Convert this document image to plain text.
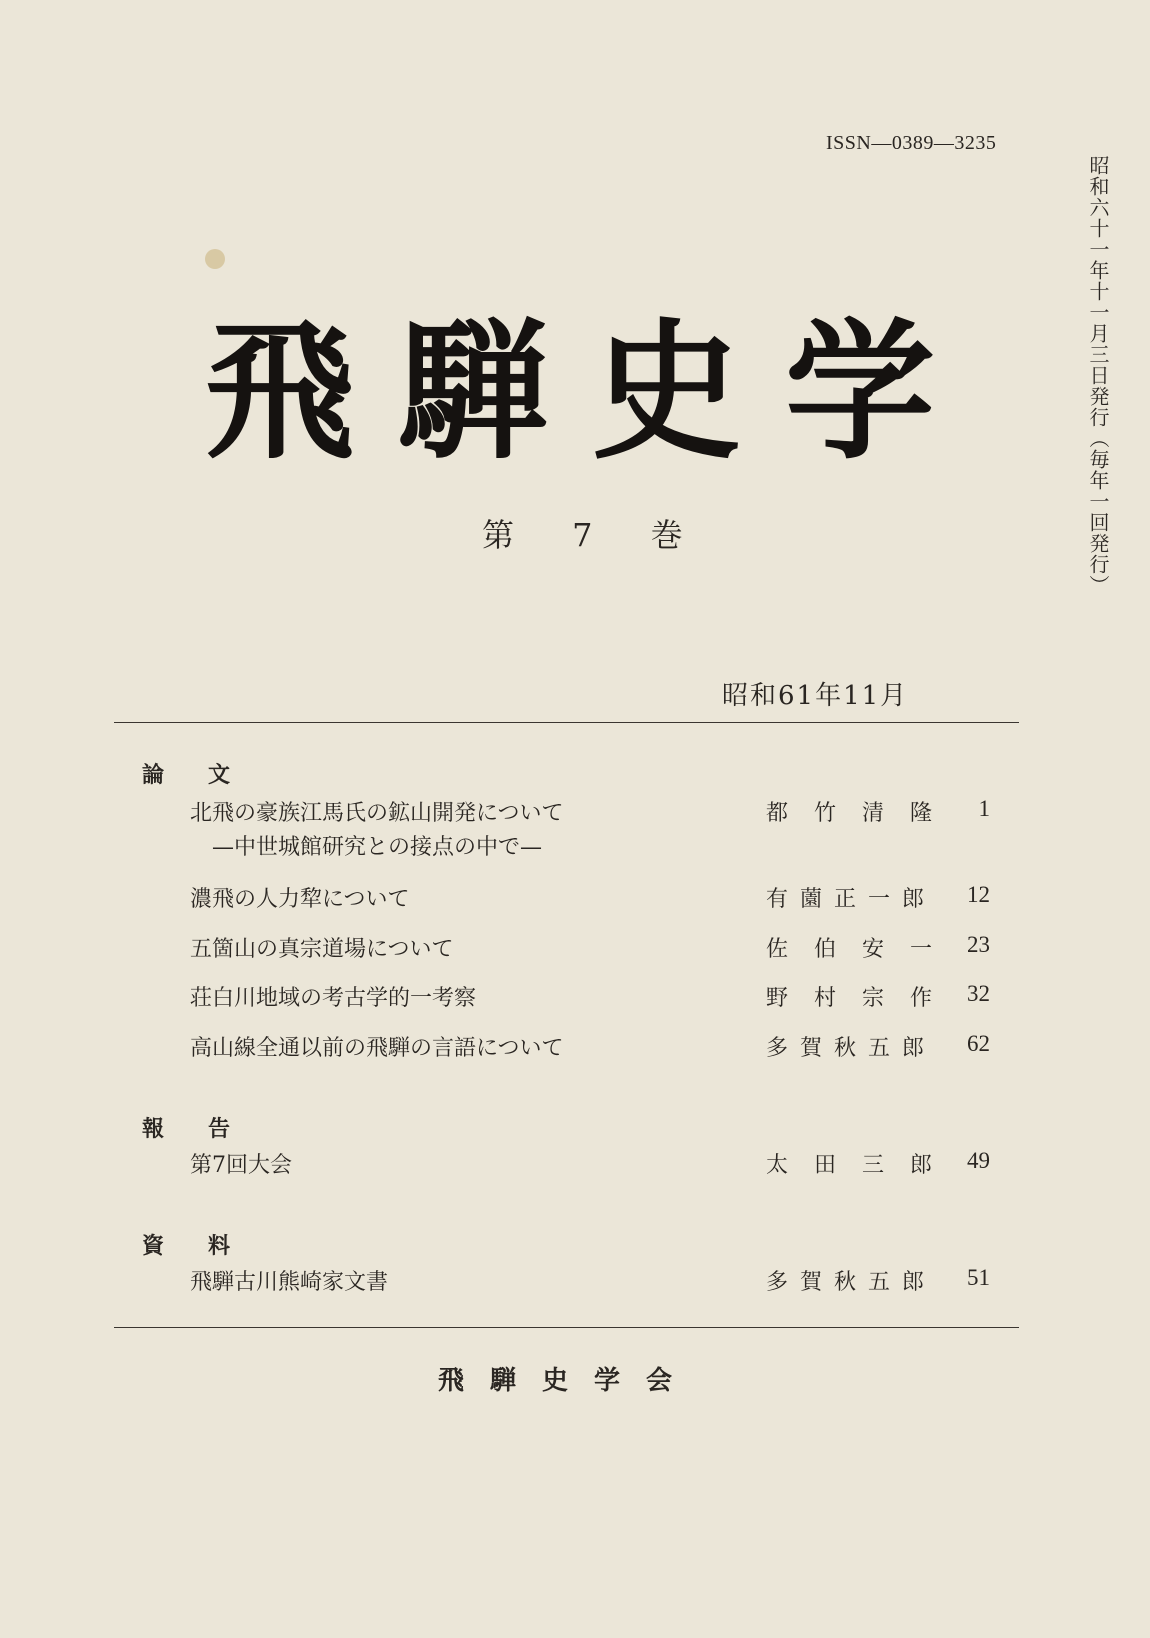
ISSN—0389—3235
昭和六十一年十一月三日発行（毎年一回発行）
飛 騨 史 学
第 7 巻
昭和61年11月
論文
北飛の豪族江馬氏の鉱山開発について	都竹清隆 1
—中世城館研究との接点の中で—
濃飛の人力犂について	有薗正一郎 12
五箇山の真宗道場について	佐伯安一 23
荘白川地域の考古学的一考察	野村宗作 32
高山線全通以前の飛騨の言語について	多賀秋五郎 62
報告
第7回大会	太田三郎 49
資料
飛騨古川熊崎家文書	多賀秋五郎 51
飛騨史学会
